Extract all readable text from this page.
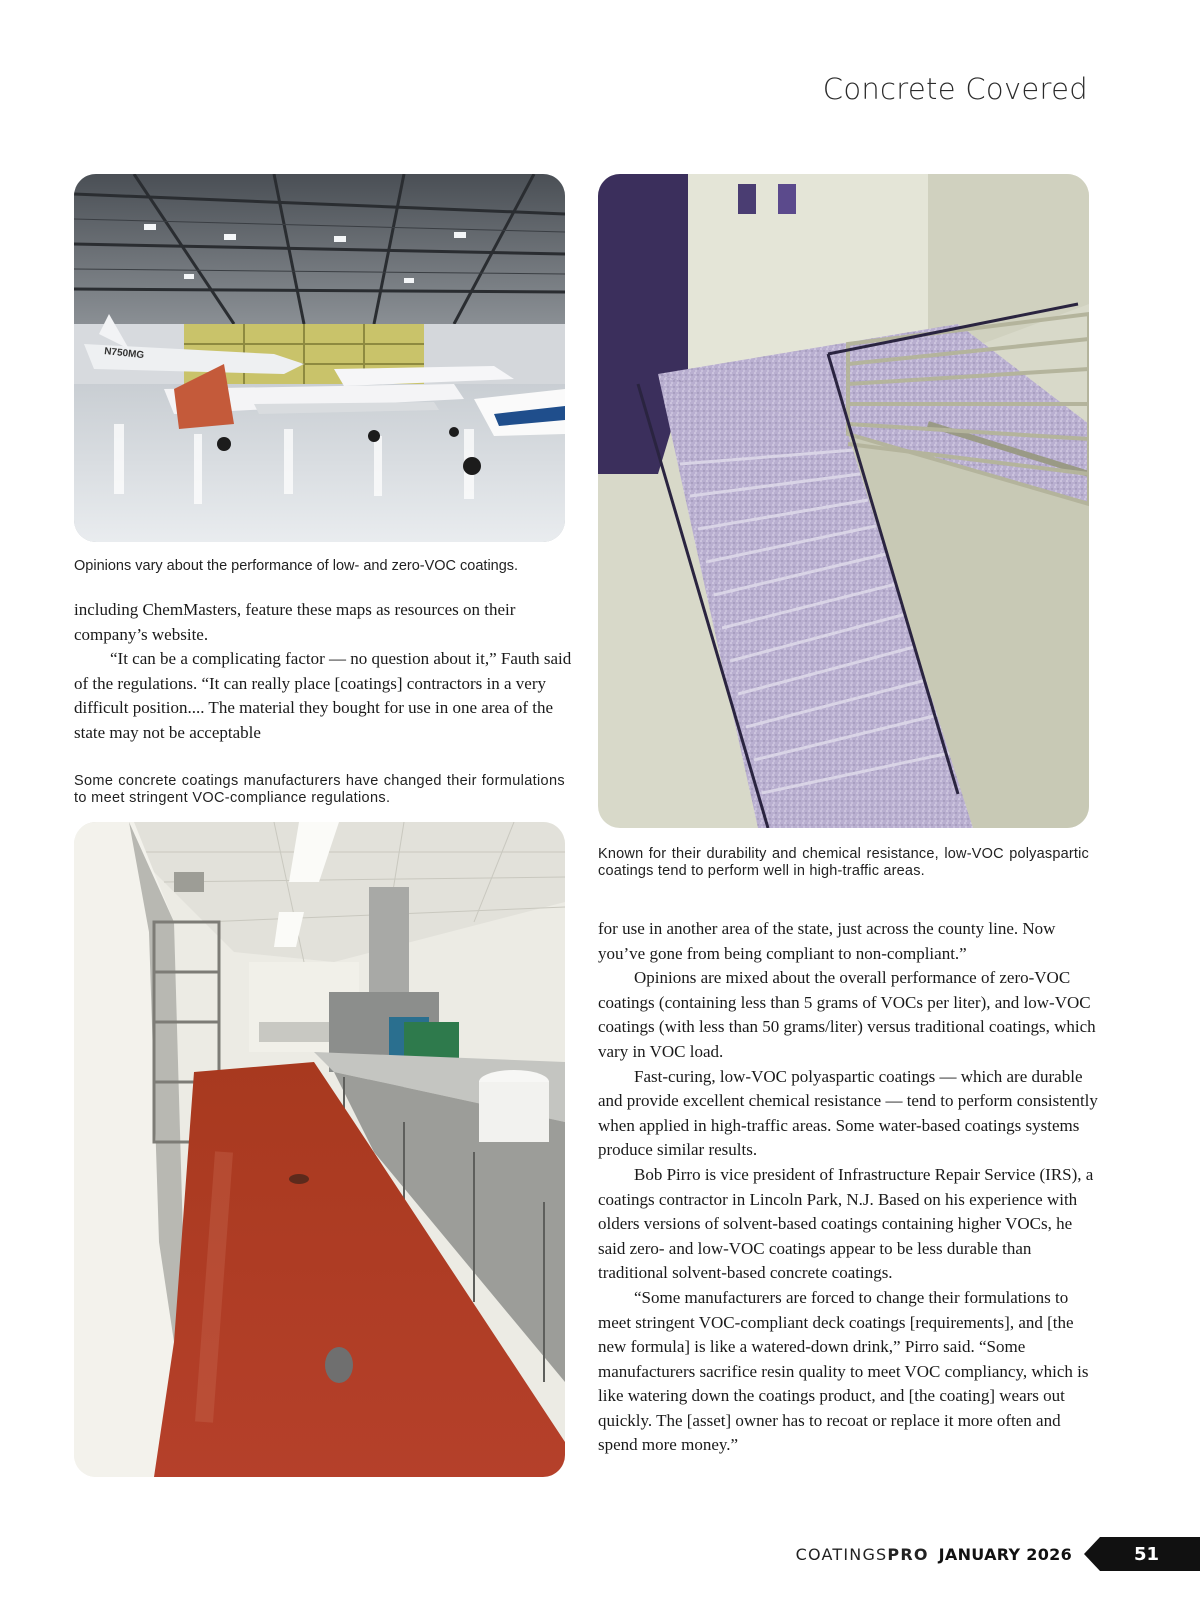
Concrete Covered
N750MG

Opinions vary about the performance of low- and zero-VOC coatings.

including ChemMasters, feature these maps as resources on their company’s website.

“It can be a complicating factor — no question about it,” Fauth said of the regulations. “It can really place [coatings] contractors in a very difficult position.... The material they bought for use in one area of the state may not be acceptable

Some concrete coatings manufacturers have changed their formulations to meet stringent VOC-compliance regulations.

Known for their durability and chemical resistance, low-VOC polyaspartic coatings tend to perform well in high-traffic areas.

for use in another area of the state, just across the county line. Now you’ve gone from being compliant to non-compliant.”

Opinions are mixed about the overall performance of zero-VOC coatings (containing less than 5 grams of VOCs per liter), and low-VOC coatings (with less than 50 grams/liter) versus traditional coatings, which vary in VOC load.

Fast-curing, low-VOC polyaspartic coatings — which are durable and provide excellent chemical resistance — tend to perform consistently when applied in high-traffic areas. Some water-based coatings systems produce similar results.

Bob Pirro is vice president of Infrastructure Repair Service (IRS), a coatings contractor in Lincoln Park, N.J. Based on his experience with olders versions of solvent-based coatings containing higher VOCs, he said zero- and low-VOC coatings appear to be less durable than traditional solvent-based concrete coatings.

“Some manufacturers are forced to change their formulations to meet stringent VOC-compliant deck coatings [requirements], and [the new formula] is like a watered-down drink,” Pirro said. “Some manufacturers sacrifice resin quality to meet VOC compliancy, which is like watering down the coatings product, and [the coating] wears out quickly. The [asset] owner has to recoat or replace it more often and spend more money.”

COATINGSPRO JANUARY 2026	51
